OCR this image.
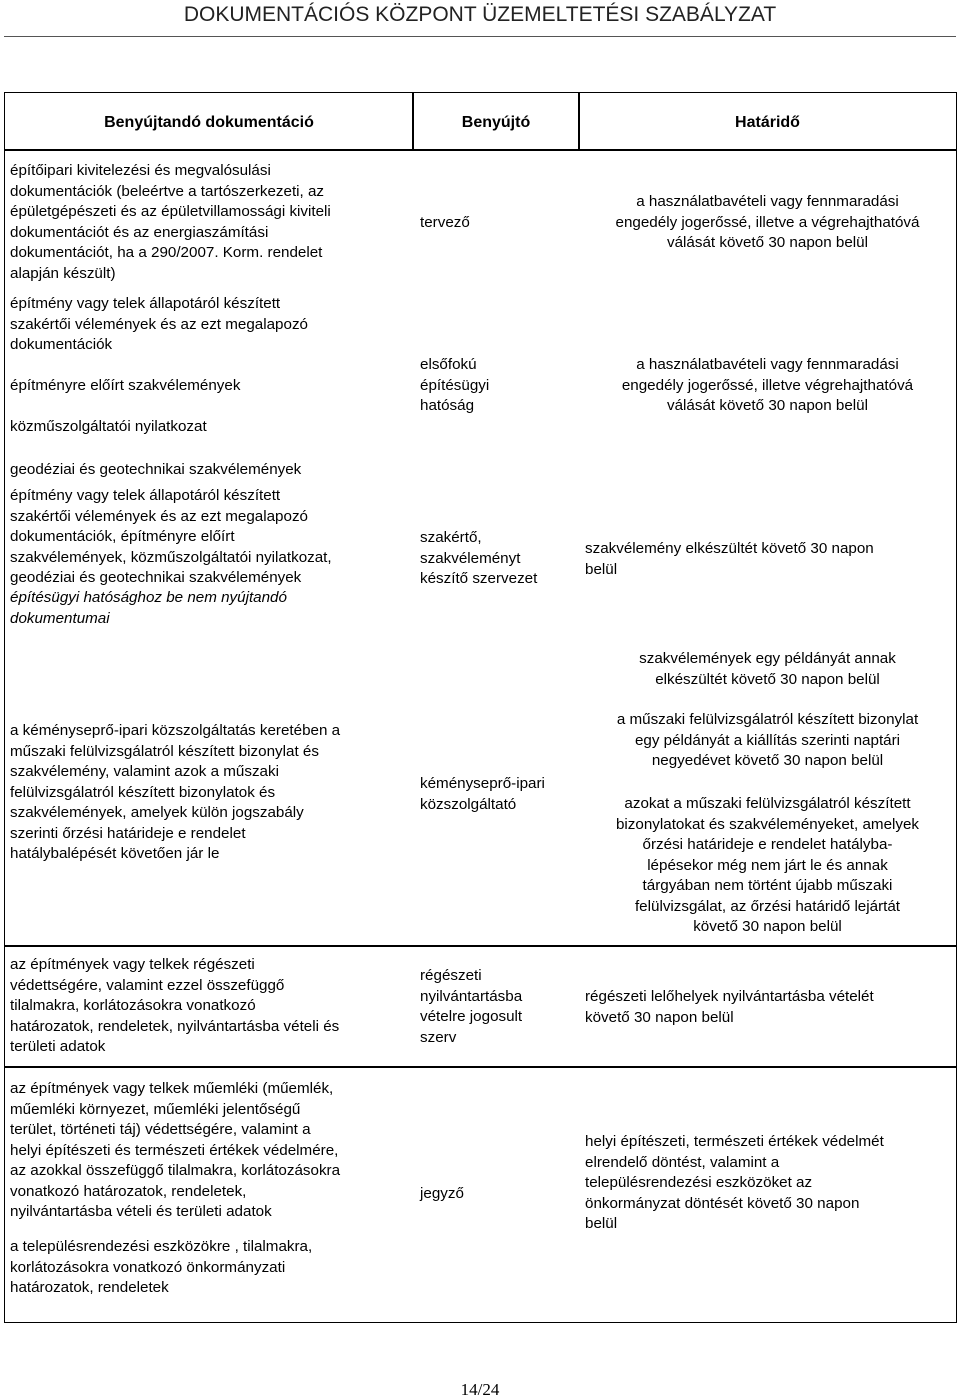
DOKUMENTÁCIÓS KÖZPONT ÜZEMELTETÉSI SZABÁLYZAT
Benyújtandó dokumentáció	Benyújtó	Határidő
építőipari kivitelezési és megvalósulási
dokumentációk (beleértve a tartószerkezeti, az
épületgépészeti és az épületvillamossági kiviteli
dokumentációt és az energiaszámítási
dokumentációt, ha a 290/2007. Korm. rendelet
alapján készült)
tervező
a használatbavételi vagy fennmaradási
engedély jogerőssé, illetve a végrehajthatóvá
válását követő 30 napon belül
építmény vagy telek állapotáról készített
szakértői vélemények és az ezt megalapozó
dokumentációk
építményre előírt szakvélemények
közműszolgáltatói nyilatkozat
geodéziai és geotechnikai szakvélemények
elsőfokú
építésügyi
hatóság
a használatbavételi vagy fennmaradási
engedély jogerőssé, illetve végrehajthatóvá
válását követő 30 napon belül
építmény vagy telek állapotáról készített
szakértői vélemények és az ezt megalapozó
dokumentációk, építményre előírt
szakvélemények, közműszolgáltatói nyilatkozat,
geodéziai és geotechnikai szakvélemények
építésügyi hatósághoz be nem nyújtandó
dokumentumai
szakértő,
szakvéleményt
készítő szervezet
szakvélemény elkészültét követő 30 napon
belül
szakvélemények egy példányát annak
elkészültét követő 30 napon belül
a kéményseprő-ipari közszolgáltatás keretében a
műszaki felülvizsgálatról készített bizonylat és
szakvélemény, valamint azok a műszaki
felülvizsgálatról készített bizonylatok és
szakvélemények, amelyek külön jogszabály
szerinti őrzési határideje e rendelet
hatálybalépését követően jár le
kéményseprő-ipari
közszolgáltató
a műszaki felülvizsgálatról készített bizonylat
egy példányát a kiállítás szerinti naptári
negyedévet követő 30 napon belül
azokat a műszaki felülvizsgálatról készített
bizonylatokat és szakvéleményeket, amelyek
őrzési határideje e rendelet hatályba-
lépésekor még nem járt le és annak
tárgyában nem történt újabb műszaki
felülvizsgálat, az őrzési határidő lejártát
követő 30 napon belül
az építmények vagy telkek régészeti
védettségére, valamint ezzel összefüggő
tilalmakra, korlátozásokra vonatkozó
határozatok, rendeletek, nyilvántartásba vételi és
területi adatok
régészeti
nyilvántartásba
vételre jogosult
szerv
régészeti lelőhelyek nyilvántartásba vételét
követő 30 napon belül
az építmények vagy telkek műemléki (műemlék,
műemléki környezet, műemléki jelentőségű
terület, történeti táj) védettségére, valamint a
helyi építészeti és természeti értékek védelmére,
az azokkal összefüggő tilalmakra, korlátozásokra
vonatkozó határozatok, rendeletek,
nyilvántartásba vételi és területi adatok
a településrendezési eszközökre , tilalmakra,
korlátozásokra vonatkozó önkormányzati
határozatok, rendeletek
jegyző
helyi építészeti, természeti értékek védelmét
elrendelő döntést, valamint a
településrendezési eszközöket az
önkormányzat döntését követő 30 napon
belül
14/24
